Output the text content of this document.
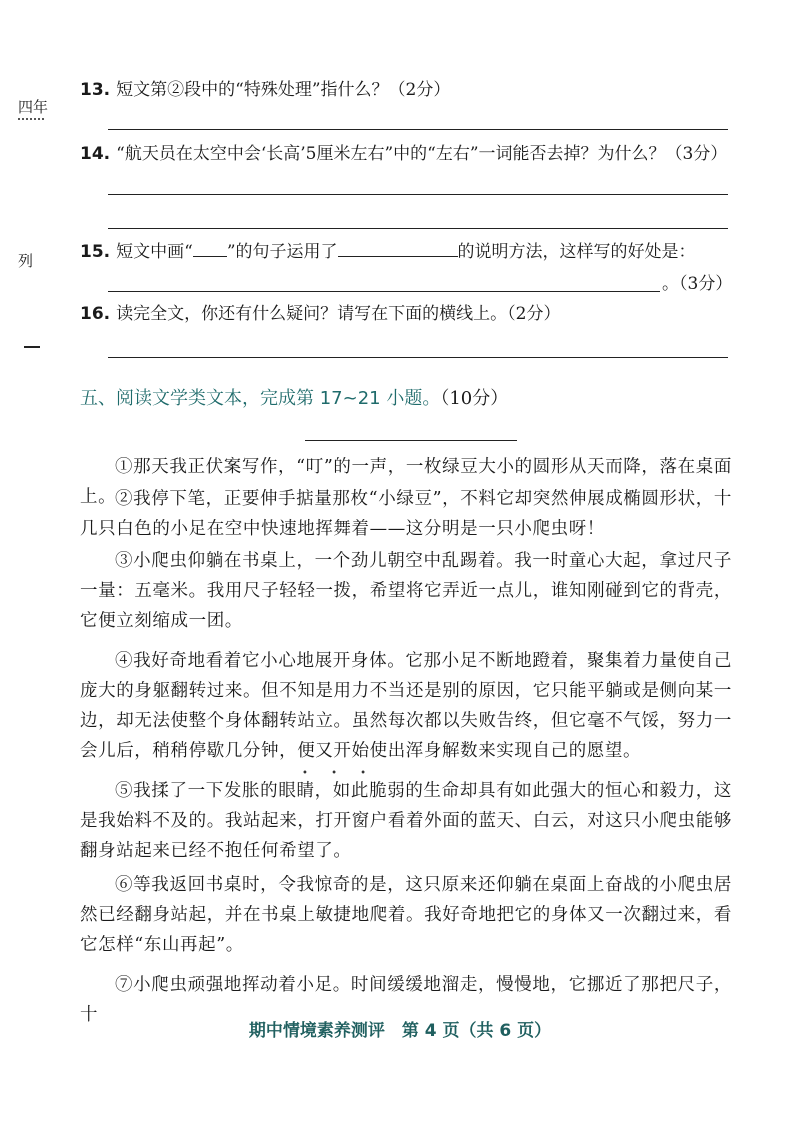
四年
列
13. 短文第②段中的“特殊处理”指什么？（2分）
14. “航天员在太空中会‘长高’5厘米左右”中的“左右”一词能否去掉？为什么？（3分）
15. 短文中画“ ”的句子运用了	的说明方法，这样写的好处是：
。（3分）
16. 读完全文，你还有什么疑问？请写在下面的横线上。（2分）
五、阅读文学类文本，完成第 17~21 小题。（10分）
①那天我正伏案写作，“叮”的一声，一枚绿豆大小的圆形从天而降，落在桌面上。
②我停下笔，正要伸手掂量那枚“小绿豆”，不料它却突然伸展成椭圆形状，十几只白色的小足在空中快速地挥舞着——这分明是一只小爬虫呀！
③小爬虫仰躺在书桌上，一个劲儿朝空中乱踢着。我一时童心大起，拿过尺子一量：五毫米。我用尺子轻轻一拨，希望将它弄近一点儿，谁知刚碰到它的背壳，它便立刻缩成一团。
④我好奇地看着它小心地展开身体。它那小足不断地蹬着，聚集着力量使自己庞大的身躯翻转过来。但不知是用力不当还是别的原因，它只能平躺或是侧向某一边，却无法使整个身体翻转站立。虽然每次都以失败告终，但它毫不气馁，努力一会儿后，稍稍停歇几分钟，便又开始使出浑身解数来实现自己的愿望。
• • •
⑤我揉了一下发胀的眼睛，如此脆弱的生命却具有如此强大的恒心和毅力，这是我始料不及的。我站起来，打开窗户看着外面的蓝天、白云，对这只小爬虫能够翻身站起来已经不抱任何希望了。
⑥等我返回书桌时，令我惊奇的是，这只原来还仰躺在桌面上奋战的小爬虫居然已经翻身站起，并在书桌上敏捷地爬着。我好奇地把它的身体又一次翻过来，看它怎样“东山再起”。
⑦小爬虫顽强地挥动着小足。时间缓缓地溜走，慢慢地，它挪近了那把尺子，十
期中情境素养测评　第 4 页（共 6 页）
